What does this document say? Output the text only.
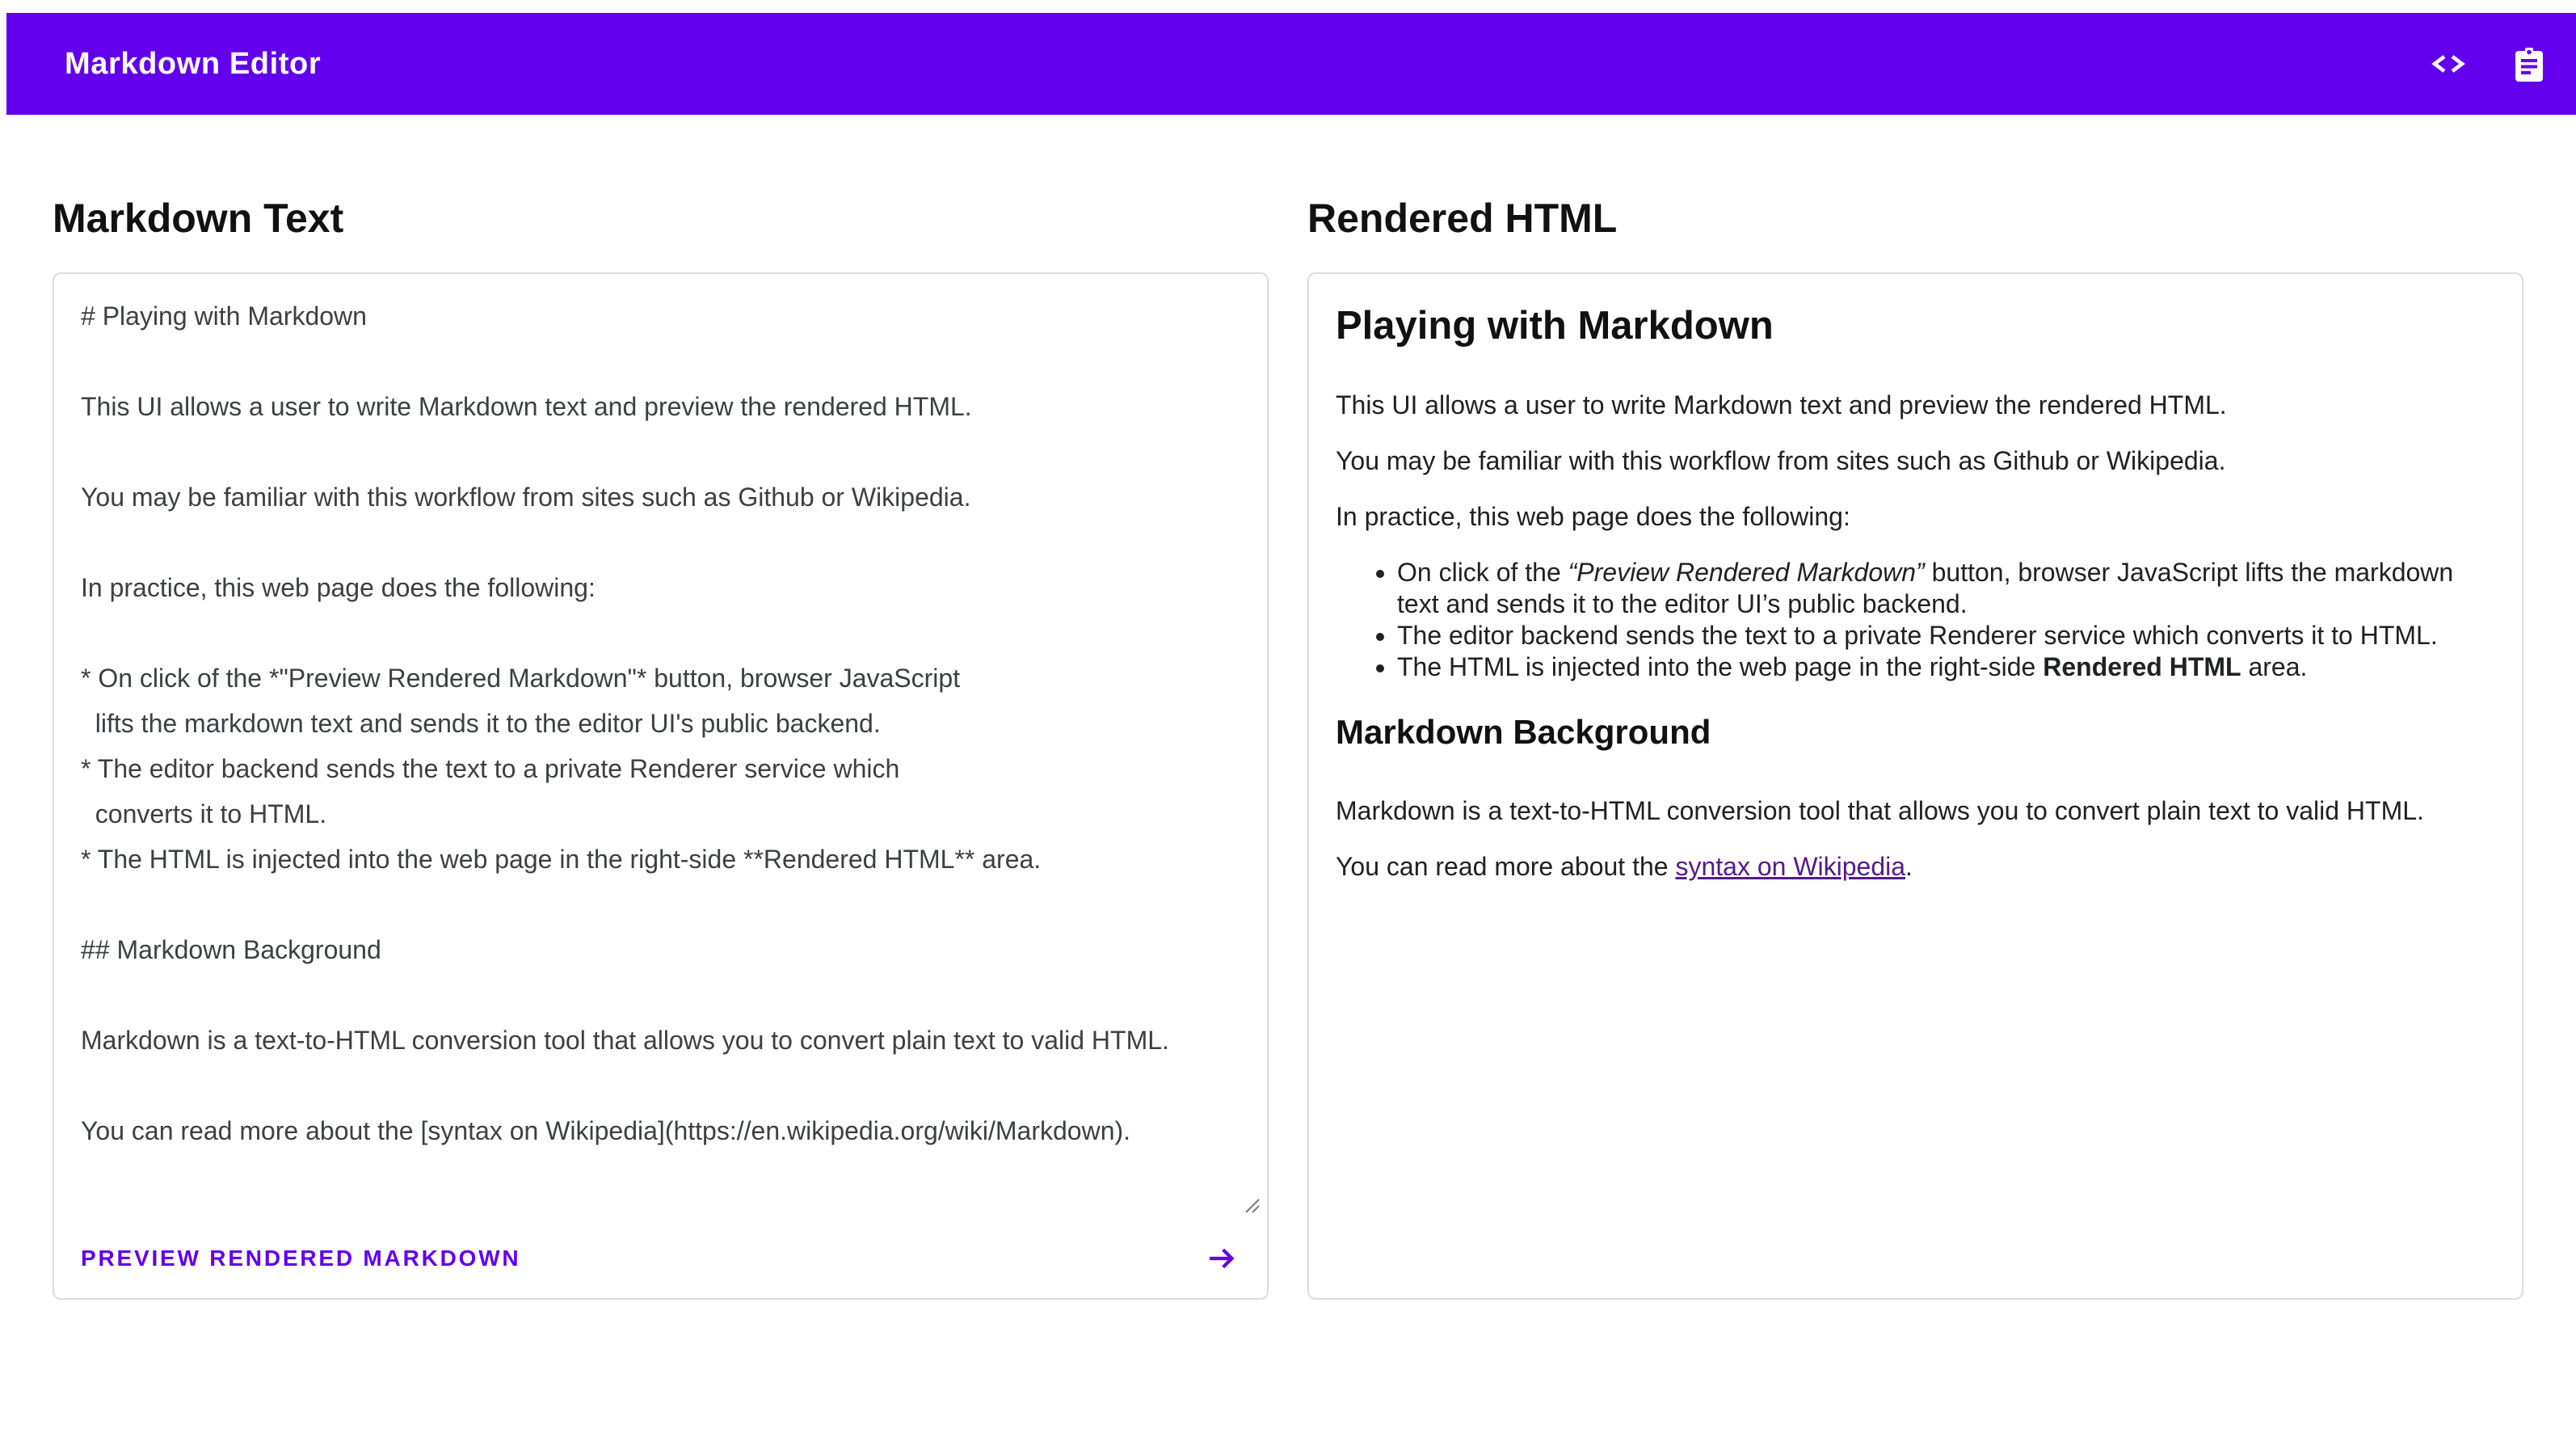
Markdown Editor
Markdown Text
# Playing with Markdown This UI allows a user to write Markdown text and preview the rendered HTML. You may be familiar with this workflow from sites such as Github or Wikipedia. In practice, this web page does the following: * On click of the *"Preview Rendered Markdown"* button, browser JavaScript lifts the markdown text and sends it to the editor UI's public backend. * The editor backend sends the text to a private Renderer service which converts it to HTML. * The HTML is injected into the web page in the right-side **Rendered HTML** area. ## Markdown Background Markdown is a text-to-HTML conversion tool that allows you to convert plain text to valid HTML. You can read more about the [syntax on Wikipedia](https://en.wikipedia.org/wiki/Markdown).
PREVIEW RENDERED MARKDOWN
Rendered HTML
Playing with Markdown

This UI allows a user to write Markdown text and preview the rendered HTML.

You may be familiar with this workflow from sites such as Github or Wikipedia.

In practice, this web page does the following:

• On click of the “Preview Rendered Markdown” button, browser JavaScript lifts the markdown text and sends it to the editor UI’s public backend.
• The editor backend sends the text to a private Renderer service which converts it to HTML.
• The HTML is injected into the web page in the right-side Rendered HTML area.
Markdown Background

Markdown is a text-to-HTML conversion tool that allows you to convert plain text to valid HTML.

You can read more about the syntax on Wikipedia.
